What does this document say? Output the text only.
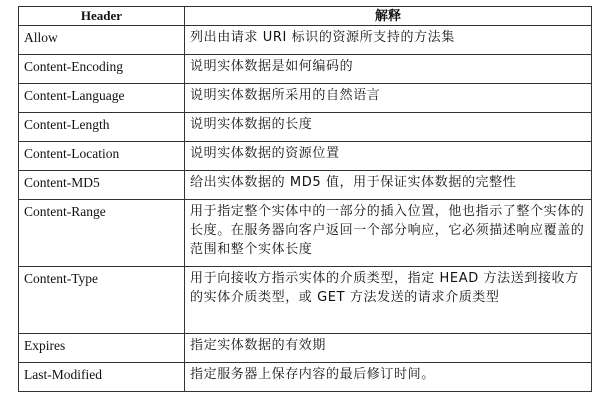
Header	解释
Allow	列出由请求 URI 标识的资源所支持的方法集
Content-Encoding	说明实体数据是如何编码的
Content-Language	说明实体数据所采用的自然语言
Content-Length	说明实体数据的长度
Content-Location	说明实体数据的资源位置
Content-MD5	给出实体数据的 MD5 值，用于保证实体数据的完整性
Content-Range	用于指定整个实体中的一部分的插入位置，他也指示了整个实体的长度。在服务器向客户返回一个部分响应，它必须描述响应覆盖的范围和整个实体长度
Content-Type	用于向接收方指示实体的介质类型，指定 HEAD 方法送到接收方的实体介质类型，或 GET 方法发送的请求介质类型
Expires	指定实体数据的有效期
Last-Modified	指定服务器上保存内容的最后修订时间。
